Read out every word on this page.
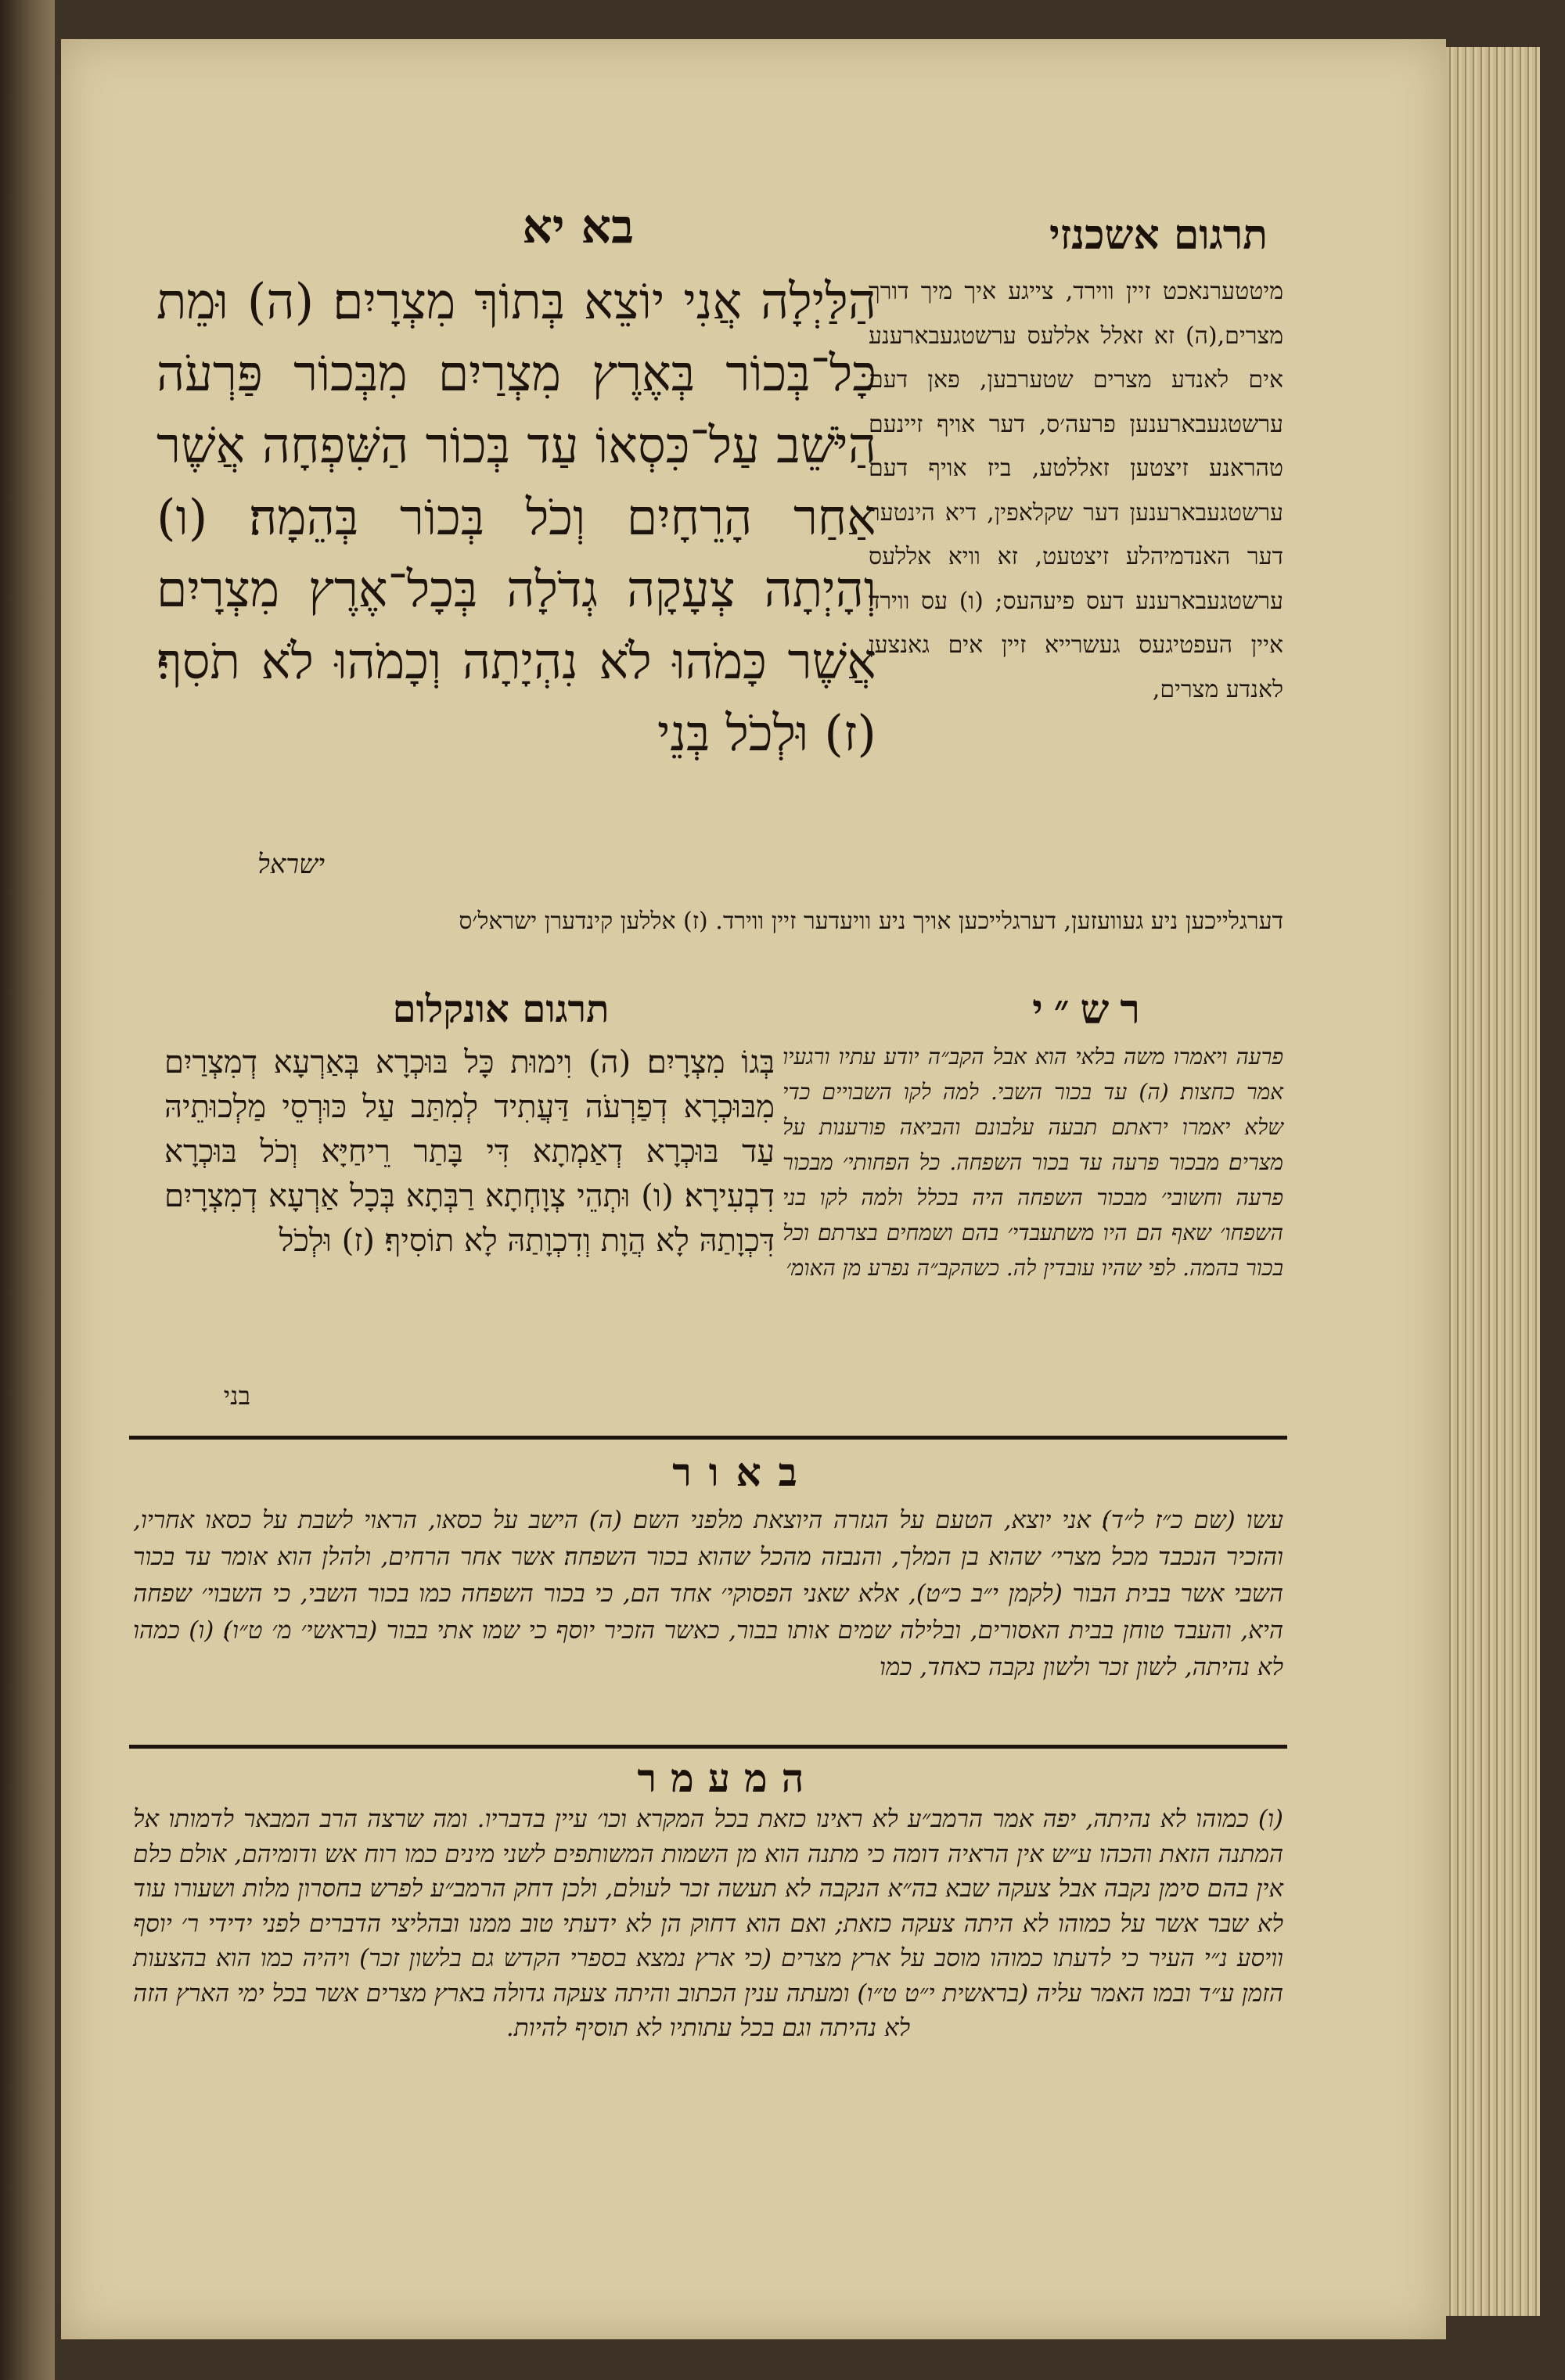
תרגום אשכנזי
בא יא
הַלַּיְלָה אֲנִי יוֹצֵא בְּתוֹךְ מִצְרָיִם׃ (ה) וּמֵת כָּל־בְּכוֹר בְּאֶרֶץ מִצְרַיִם מִבְּכוֹר פַּרְעֹה הַיֹּשֵׁב עַל־כִּסְאוֹ עַד בְּכוֹר הַשִּׁפְחָה אֲשֶׁר אַחַר הָרֵחָיִם וְכֹל בְּכוֹר בְּהֵמָה׃ (ו) וְהָיְתָה צְעָקָה גְדֹלָה בְּכָל־אֶרֶץ מִצְרָיִם אֲשֶׁר כָּמֹהוּ לֹא נִהְיָתָה וְכָמֹהוּ לֹא תֹסִף׃ (ז) וּלְכֹל בְּנֵי
ישראל
מיטטערנאכט זיין ווירד, צייגע איך מיך דורך מצרים,(ה) זא זאלל אללעס ערשטגעבארענע אים לאנדע מצרים שטערבען, פאן דעם ערשטגעבארענען פרעה׳ס, דער אויף זיינעם טהראנע זיצטען זאללטע, ביז אויף דעם ערשטגעבארענען דער שקלאפין, דיא הינטער דער האנדמיהלע זיצטעט, זא וויא אללעס ערשטגעבארענע דעס פיעהעס; (ו) עס ווירד איין העפטיגעס געשרייא זיין אים גאנצען לאנדע מצרים,
דערגלייכען ניע געוועזען, דערגלייכען אויך ניע וויעדער זיין ווירד. (ז) אללען קינדערן ישראל׳ס
רש״י
תרגום אונקלום
פרעה ויאמרו משה בלאי הוא אבל הקב״ה יודע עתיו ורגעיו אמר כחצות׃ (ה) עד בכור השבי. למה לקו השבויים כדי שלא יאמרו יראתם תבעה עלבונם והביאה פורענות על מצרים׃ מבכור פרעה עד בכור השפחה. כל הפחותי׳ מבכור פרעה וחשובי׳ מבכור השפחה היה בכלל ולמה לקו בני השפחו׳ שאף הם היו משתעבדי׳ בהם ושמחים בצרתם׃ וכל בכור בהמה. לפי שהיו עובדין לה. כשהקב״ה נפרע מן האומ׳
בְּגוֹ מִצְרָיִם׃ (ה) וִימוּת כָּל בּוּכְרָא בְּאַרְעָא דְמִצְרַיִם מִבּוּכְרָא דְפַרְעֹה דַּעֲתִיד לְמִתַּב עַל כּוּרְסֵי מַלְכוּתֵיהּ עַד בּוּכְרָא דְאַמְתָא דִּי בָּתַר רֵיחַיָּא וְכֹל בּוּכְרָא דִבְעִירָא׃ (ו) וּתְהֵי צְוָחְתָא רַבְּתָא בְּכָל אַרְעָא דְמִצְרָיִם דִּכְוָתַהּ לָא הֲוָת וְדִכְוָתַהּ לָא תוֹסִיף׃ (ז) וּלְכֹל
בני
באור
עשו (שם כ״ז ל״ד)׃ אני יוצא, הטעם על הגזרה היוצאת מלפני השם׃ (ה) הישב על כסאו, הראוי לשבת על כסאו אחריו, והזכיר הנכבד מכל מצרי׳ שהוא בן המלך, והנבזה מהכל שהוא בכור השפחה׃ אשר אחר הרחים, ולהלן הוא אומר עד בכור השבי אשר בבית הבור (לקמן י״ב כ״ט), אלא שאני הפסוקי׳ אחד הם, כי בכור השפחה כמו בכור השבי, כי השבוי׳ שפחה היא, והעבד טוחן בבית האסורים, ובלילה שמים אותו בבור, כאשר הזכיר יוסף כי שמו אתי בבור (בראשי׳ מ׳ ט״ו)׃ (ו) כמהו לא נהיתה, לשון זכר ולשון נקבה כאחד, כמו
המעמר
(ו) כמוהו לא נהיתה, יפה אמר הרמב״ע לא ראינו כזאת בכל המקרא וכו׳ עיין בדבריו. ומה שרצה הרב המבאר לדמותו אל המתנה הזאת והכהו ע״ש אין הראיה דומה כי מתנה הוא מן השמות המשותפים לשני מינים כמו רוח אש ודומיהם, אולם כלם אין בהם סימן נקבה אבל צעקה שבא בה״א הנקבה לא תעשה זכר לעולם, ולכן דחק הרמב״ע לפרש בחסרון מלות ושעורו עוד לא שבר אשר על כמוהו לא היתה צעקה כזאת; ואם הוא דחוק הן לא ידעתי טוב ממנו ובהליצי הדברים לפני ידידי ר׳ יוסף וויסע נ״י העיר כי לדעתו כמוהו מוסב על ארץ מצרים (כי ארץ נמצא בספרי הקדש גם בלשון זכר) ויהיה כמו הוא בהצעות הזמן ע״ד ובמו האמר עליה (בראשית י״ט ט״ו) ומעתה ענין הכתוב והיתה צעקה גדולה בארץ מצרים אשר בכל ימי הארץ הזה לא נהיתה וגם בכל עתותיו לא תוסיף להיות.
